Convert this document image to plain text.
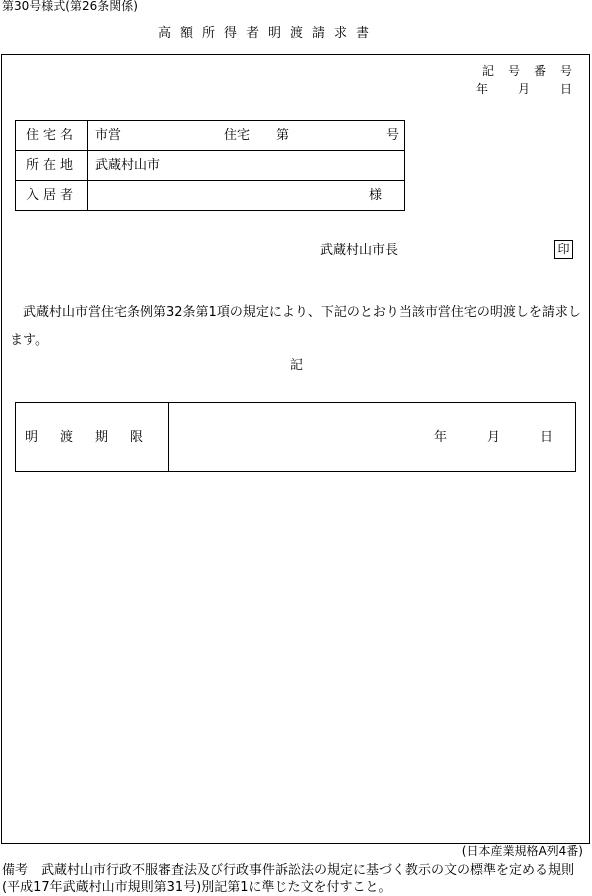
第30号様式(第26条関係)
高額所得者明渡請求書
記 号 番 号
年	月	日
住宅名	市営 住宅 第 号

所在地	武蔵村山市

入居者	様
武蔵村山市長	印
武蔵村山市営住宅条例第32条第1項の規定により、下記のとおり当該市営住宅の明渡しを請求します。
記
明渡期限	年	月	日
(日本産業規格A列4番)
備考　武蔵村山市行政不服審査法及び行政事件訴訟法の規定に基づく教示の文の標準を定める規則(平成17年武蔵村山市規則第31号)別記第1に準じた文を付すこと。
